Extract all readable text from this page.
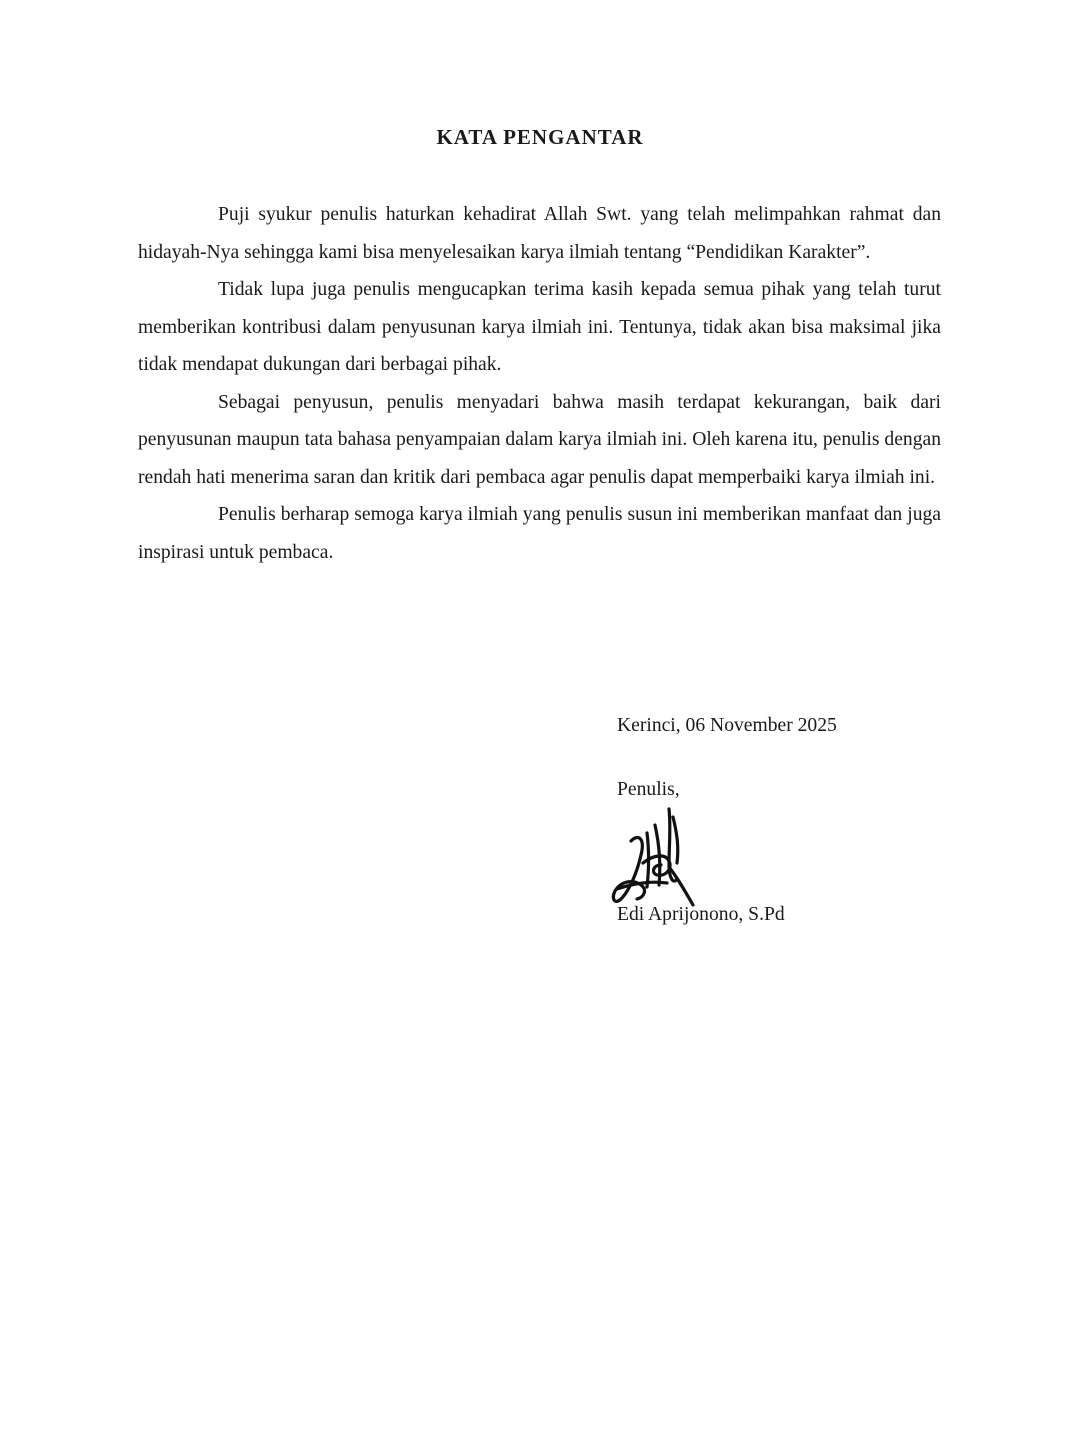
KATA PENGANTAR

Puji syukur penulis haturkan kehadirat Allah Swt. yang telah melimpahkan rahmat dan hidayah-Nya sehingga kami bisa menyelesaikan karya ilmiah tentang “Pendidikan Karakter”.

Tidak lupa juga penulis mengucapkan terima kasih kepada semua pihak yang telah turut memberikan kontribusi dalam penyusunan karya ilmiah ini. Tentunya, tidak akan bisa maksimal jika tidak mendapat dukungan dari berbagai pihak.

Sebagai penyusun, penulis menyadari bahwa masih terdapat kekurangan, baik dari penyusunan maupun tata bahasa penyampaian dalam karya ilmiah ini. Oleh karena itu, penulis dengan rendah hati menerima saran dan kritik dari pembaca agar penulis dapat memperbaiki karya ilmiah ini.

Penulis berharap semoga karya ilmiah yang penulis susun ini memberikan manfaat dan juga inspirasi untuk pembaca.

Kerinci, 06 November 2025
Penulis,
Edi Aprijonono, S.Pd
